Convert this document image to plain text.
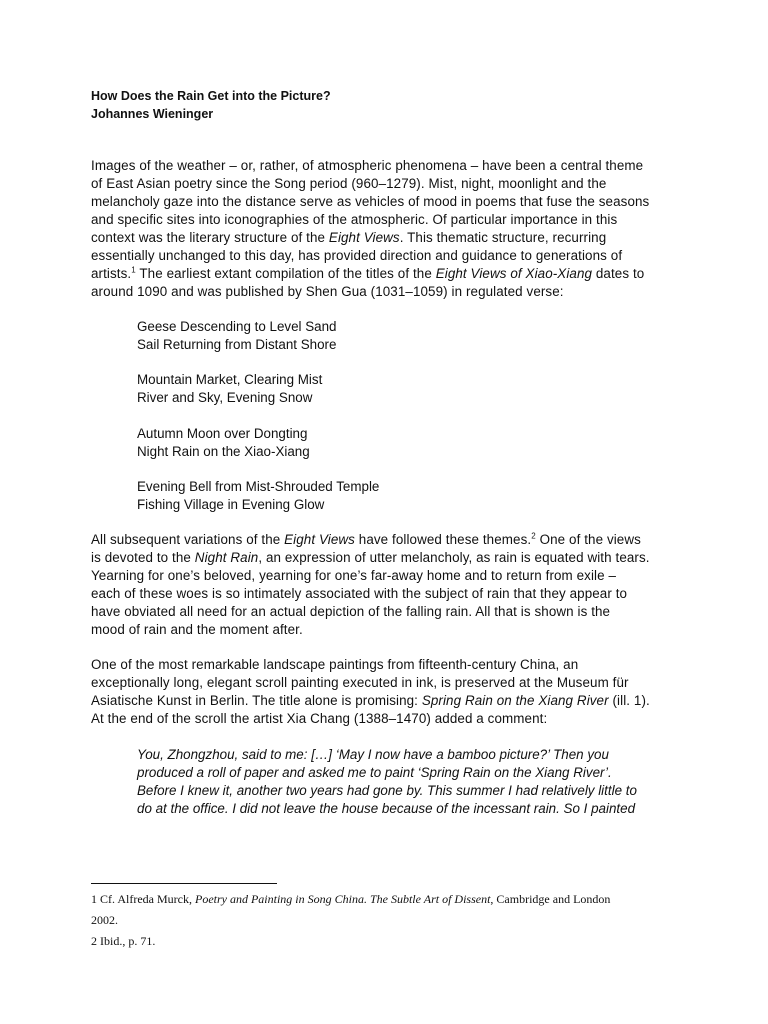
How Does the Rain Get into the Picture?
Johannes Wieninger
Images of the weather – or, rather, of atmospheric phenomena – have been a central theme
of East Asian poetry since the Song period (960–1279). Mist, night, moonlight and the
melancholy gaze into the distance serve as vehicles of mood in poems that fuse the seasons
and specific sites into iconographies of the atmospheric. Of particular importance in this
context was the literary structure of the Eight Views. This thematic structure, recurring
essentially unchanged to this day, has provided direction and guidance to generations of
artists.$^1$ The earliest extant compilation of the titles of the Eight Views of Xiao-Xiang dates to
around 1090 and was published by Shen Gua (1031–1059) in regulated verse:
Geese Descending to Level Sand
Sail Returning from Distant Shore
Mountain Market, Clearing Mist
River and Sky, Evening Snow
Autumn Moon over Dongting
Night Rain on the Xiao-Xiang
Evening Bell from Mist-Shrouded Temple
Fishing Village in Evening Glow
All subsequent variations of the Eight Views have followed these themes.$^2$ One of the views
is devoted to the Night Rain, an expression of utter melancholy, as rain is equated with tears.
Yearning for one’s beloved, yearning for one’s far-away home and to return from exile –
each of these woes is so intimately associated with the subject of rain that they appear to
have obviated all need for an actual depiction of the falling rain. All that is shown is the
mood of rain and the moment after.
One of the most remarkable landscape paintings from fifteenth-century China, an
exceptionally long, elegant scroll painting executed in ink, is preserved at the Museum für
Asiatische Kunst in Berlin. The title alone is promising: Spring Rain on the Xiang River (ill. 1).
At the end of the scroll the artist Xia Chang (1388–1470) added a comment:
You, Zhongzhou, said to me: […] ‘May I now have a bamboo picture?’ Then you
produced a roll of paper and asked me to paint ‘Spring Rain on the Xiang River’.
Before I knew it, another two years had gone by. This summer I had relatively little to
do at the office. I did not leave the house because of the incessant rain. So I painted
1 Cf. Alfreda Murck, Poetry and Painting in Song China. The Subtle Art of Dissent, Cambridge and London
2002.
2 Ibid., p. 71.
